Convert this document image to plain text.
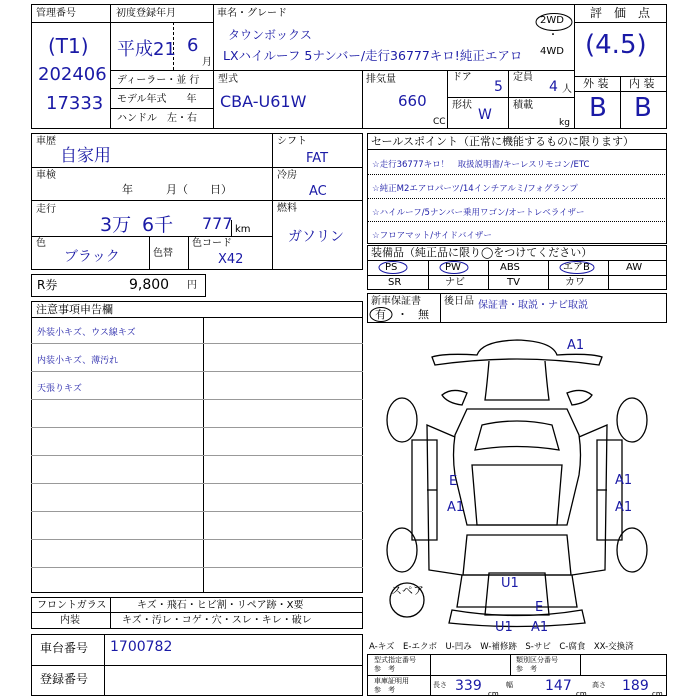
管理番号
(T1)
202406
17333
初度登録年月
平成21 6
月
ディーラー・並 行
モデル年式　　年
ハンドル　左・右
車名・グレード
タウンボックス
LXハイルーフ 5ナンバー/走行36777キロ!純正エアロ
2WD
・
4WD
型式
CBA-U61W
排気量
660
CC
ドア
5
定員
4 人
形状
W
積載
kg
評　価　点
(4.5)
外 装 内 装
B B
車歴
自家用
車検
年　　　月（　　日）
走行
3万 6千 777 km
色
ブラック	色替
色コード
X42
シフト
FAT
冷房
AC
燃料
ガソリン
R券	9,800 円
セールスポイント（正常に機能するものに限ります）
☆走行36777キロ！　取扱説明書/キーレスリモコン/ETC
☆純正M2エアロパーツ/14インチアルミ/フォグランプ
☆ハイルーフ/5ナンバー乗用ワゴン/オートレベライザー
☆フロアマット/サイドバイザー
装備品（純正品に限り◯をつけてください）
PS	PW	ABS	エアB	AW
SR	ナビ	TV	カワ
新車保証書
有 ・ 無
後日品 保証書・取説・ナビ取説
注意事項申告欄
外装小キズ、ウス線キズ
内装小キズ、薄汚れ
天張りキズ
フロントガラス	キズ・飛石・ヒビ割・リペア跡・X要
内装	キズ・汚レ・コゲ・穴・スレ・キレ・破レ
車台番号 1700782
登録番号
A1
E
A1
A1
A1
U1
E
U1 A1
スペア
A-キズ　E-エクボ　U-凹み　W-補修跡　S-サビ　C-腐食　XX-交換済
型式指定番号
参　考
類別区分番号
参　考
車庫証明用
参　考
長さ 339 cm
幅 147 cm
高さ 189 cm
